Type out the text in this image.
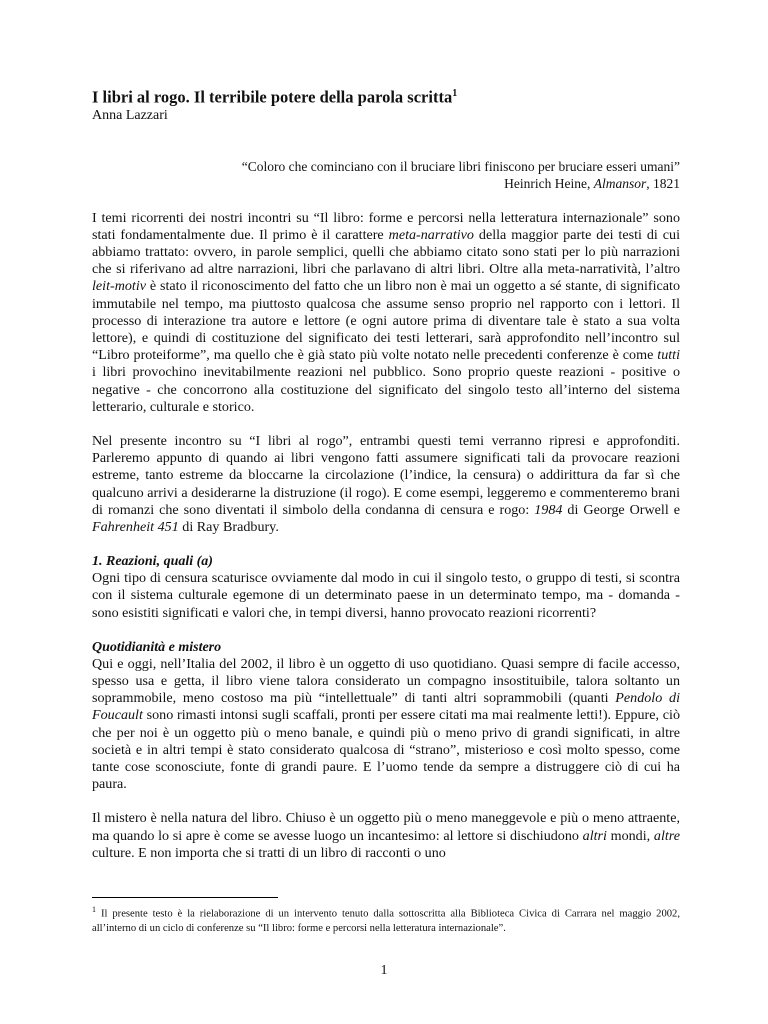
I libri al rogo. Il terribile potere della parola scritta$^1$

Anna Lazzari

“Coloro che cominciano con il bruciare libri finiscono per bruciare esseri umani”
Heinrich Heine, Almansor, 1821

I temi ricorrenti dei nostri incontri su “Il libro: forme e percorsi nella letteratura internazionale” sono stati fondamentalmente due. Il primo è il carattere meta-narrativo della maggior parte dei testi di cui abbiamo trattato: ovvero, in parole semplici, quelli che abbiamo citato sono stati per lo più narrazioni che si riferivano ad altre narrazioni, libri che parlavano di altri libri. Oltre alla meta-narratività, l’altro leit-motiv è stato il riconoscimento del fatto che un libro non è mai un oggetto a sé stante, di significato immutabile nel tempo, ma piuttosto qualcosa che assume senso proprio nel rapporto con i lettori. Il processo di interazione tra autore e lettore (e ogni autore prima di diventare tale è stato a sua volta lettore), e quindi di costituzione del significato dei testi letterari, sarà approfondito nell’incontro sul “Libro proteiforme”, ma quello che è già stato più volte notato nelle precedenti conferenze è come tutti i libri provochino inevitabilmente reazioni nel pubblico. Sono proprio queste reazioni - positive o negative - che concorrono alla costituzione del significato del singolo testo all’interno del sistema letterario, culturale e storico.

Nel presente incontro su “I libri al rogo”, entrambi questi temi verranno ripresi e approfonditi. Parleremo appunto di quando ai libri vengono fatti assumere significati tali da provocare reazioni estreme, tanto estreme da bloccarne la circolazione (l’indice, la censura) o addirittura da far sì che qualcuno arrivi a desiderarne la distruzione (il rogo). E come esempi, leggeremo e commenteremo brani di romanzi che sono diventati il simbolo della condanna di censura e rogo: 1984 di George Orwell e Fahrenheit 451 di Ray Bradbury.

1. Reazioni, quali (a)

Ogni tipo di censura scaturisce ovviamente dal modo in cui il singolo testo, o gruppo di testi, si scontra con il sistema culturale egemone di un determinato paese in un determinato tempo, ma - domanda - sono esistiti significati e valori che, in tempi diversi, hanno provocato reazioni ricorrenti?

Quotidianità e mistero

Qui e oggi, nell’Italia del 2002, il libro è un oggetto di uso quotidiano. Quasi sempre di facile accesso, spesso usa e getta, il libro viene talora considerato un compagno insostituibile, talora soltanto un soprammobile, meno costoso ma più “intellettuale” di tanti altri soprammobili (quanti Pendolo di Foucault sono rimasti intonsi sugli scaffali, pronti per essere citati ma mai realmente letti!). Eppure, ciò che per noi è un oggetto più o meno banale, e quindi più o meno privo di grandi significati, in altre società e in altri tempi è stato considerato qualcosa di “strano”, misterioso e così molto spesso, come tante cose sconosciute, fonte di grandi paure. E l’uomo tende da sempre a distruggere ciò di cui ha paura.

Il mistero è nella natura del libro. Chiuso è un oggetto più o meno maneggevole e più o meno attraente, ma quando lo si apre è come se avesse luogo un incantesimo: al lettore si dischiudono altri mondi, altre culture. E non importa che si tratti di un libro di racconti o uno

$^1$ Il presente testo è la rielaborazione di un intervento tenuto dalla sottoscritta alla Biblioteca Civica di Carrara nel maggio 2002, all’interno di un ciclo di conferenze su “Il libro: forme e percorsi nella letteratura internazionale”.
1
